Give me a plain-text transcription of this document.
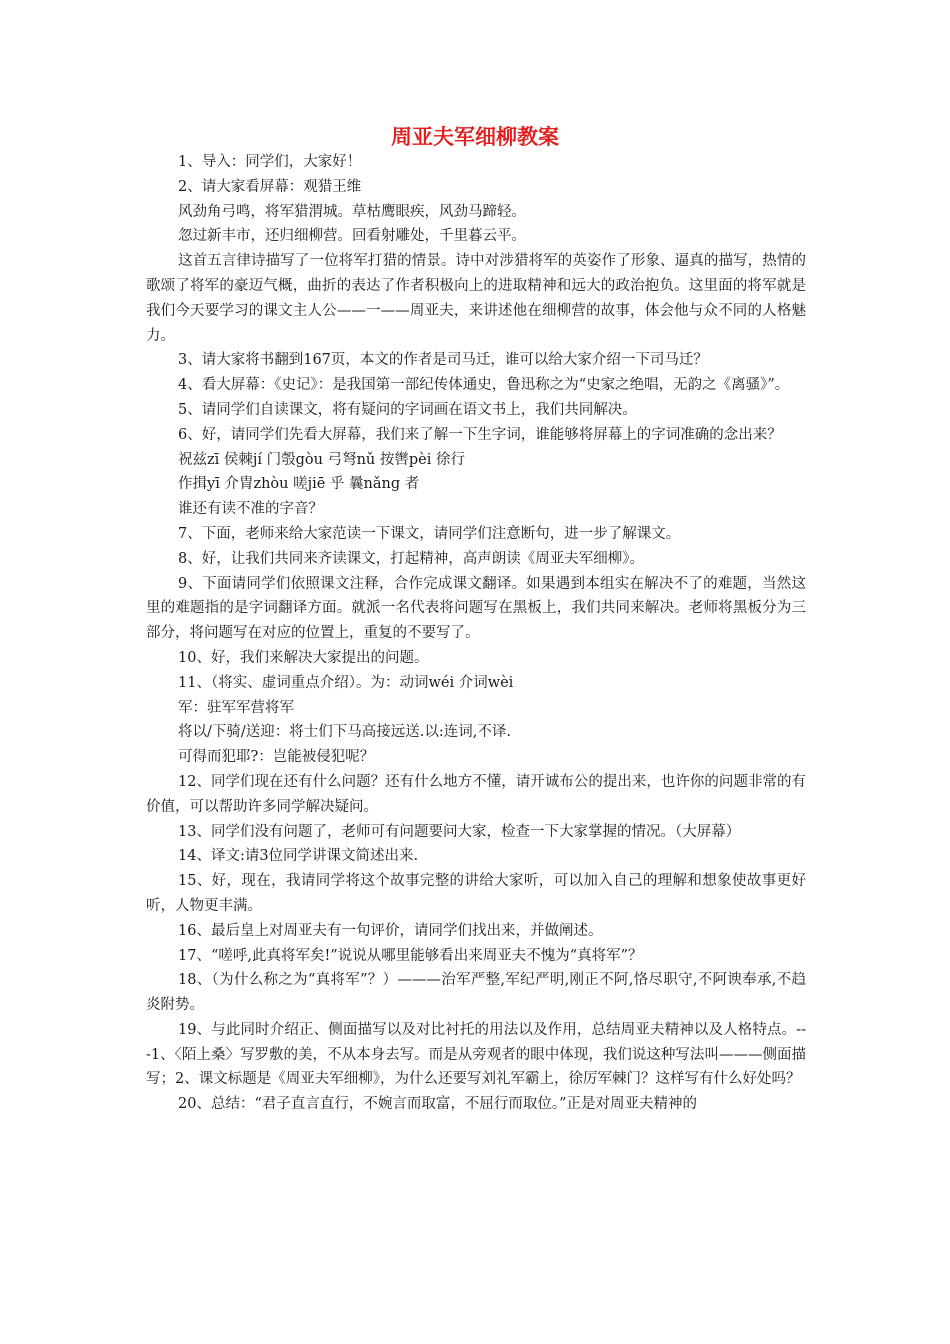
周亚夫军细柳教案

1、导入：同学们，大家好！

2、请大家看屏幕：观猎王维

风劲角弓鸣，将军猎渭城。草枯鹰眼疾，风劲马蹄轻。

忽过新丰市，还归细柳营。回看射雕处，千里暮云平。

这首五言律诗描写了一位将军打猎的情景。诗中对涉猎将军的英姿作了形象、逼真的描写，热情的歌颂了将军的豪迈气概，曲折的表达了作者积极向上的进取精神和远大的政治抱负。这里面的将军就是我们今天要学习的课文主人公——一——周亚夫，来讲述他在细柳营的故事，体会他与众不同的人格魅力。

3、请大家将书翻到167页，本文的作者是司马迁，谁可以给大家介绍一下司马迁？

4、看大屏幕：《史记》：是我国第一部纪传体通史，鲁迅称之为“史家之绝唱，无韵之《离骚》”。

5、请同学们自读课文，将有疑问的字词画在语文书上，我们共同解决。

6、好，请同学们先看大屏幕，我们来了解一下生字词，谁能够将屏幕上的字词准确的念出来？

祝兹zī 侯棘jí 门彀gòu 弓弩nǔ 按辔pèi 徐行

作揖yī 介胄zhòu 嗟jiē 乎 曩nǎng 者

谁还有读不准的字音？

7、下面，老师来给大家范读一下课文，请同学们注意断句，进一步了解课文。

8、好，让我们共同来齐读课文，打起精神，高声朗读《周亚夫军细柳》。

9、下面请同学们依照课文注释，合作完成课文翻译。如果遇到本组实在解决不了的难题，当然这里的难题指的是字词翻译方面。就派一名代表将问题写在黑板上，我们共同来解决。老师将黑板分为三部分，将问题写在对应的位置上，重复的不要写了。

10、好，我们来解决大家提出的问题。

11、（将实、虚词重点介绍）。为：动词wéi 介词wèi

军：驻军军营将军

将以/下骑/送迎：将士们下马高接远送.以:连词,不译.

可得而犯耶?：岂能被侵犯呢？

12、同学们现在还有什么问题？还有什么地方不懂，请开诚布公的提出来，也许你的问题非常的有价值，可以帮助许多同学解决疑问。

13、同学们没有问题了，老师可有问题要问大家，检查一下大家掌握的情况。（大屏幕）

14、译文:请3位同学讲课文简述出来.

15、好，现在，我请同学将这个故事完整的讲给大家听，可以加入自己的理解和想象使故事更好听，人物更丰满。

16、最后皇上对周亚夫有一句评价，请同学们找出来，并做阐述。

17、“嗟呼,此真将军矣!”说说从哪里能够看出来周亚夫不愧为“真将军”？

18、（为什么称之为“真将军”？）———治军严整,军纪严明,刚正不阿,恪尽职守,不阿谀奉承,不趋炎附势。

19、与此同时介绍正、侧面描写以及对比衬托的用法以及作用，总结周亚夫精神以及人格特点。---1、〈陌上桑〉写罗敷的美，不从本身去写。而是从旁观者的眼中体现，我们说这种写法叫———侧面描写；2、课文标题是《周亚夫军细柳》，为什么还要写刘礼军霸上，徐厉军棘门？这样写有什么好处吗？

20、总结：“君子直言直行，不婉言而取富，不屈行而取位。”正是对周亚夫精神的
